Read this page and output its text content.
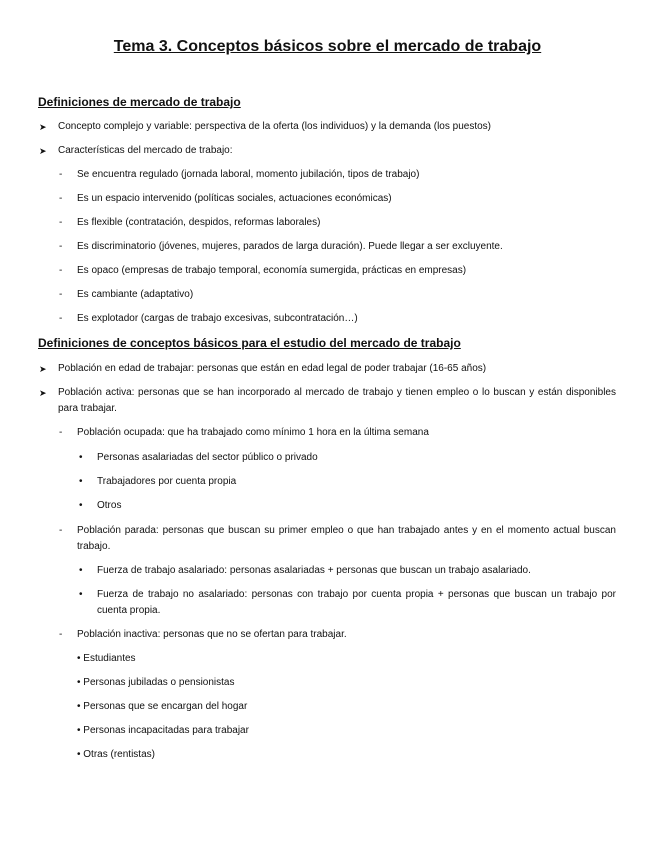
Tema 3. Conceptos básicos sobre el mercado de trabajo
Definiciones de mercado de trabajo
➤ Concepto complejo y variable: perspectiva de la oferta (los individuos) y la demanda (los puestos)
➤ Características del mercado de trabajo:
- Se encuentra regulado (jornada laboral, momento jubilación, tipos de trabajo)
- Es un espacio intervenido (políticas sociales, actuaciones económicas)
- Es flexible (contratación, despidos, reformas laborales)
- Es discriminatorio (jóvenes, mujeres, parados de larga duración). Puede llegar a ser excluyente.
- Es opaco (empresas de trabajo temporal, economía sumergida, prácticas en empresas)
- Es cambiante (adaptativo)
- Es explotador (cargas de trabajo excesivas, subcontratación…)
Definiciones de conceptos básicos para el estudio del mercado de trabajo
➤ Población en edad de trabajar: personas que están en edad legal de poder trabajar (16-65 años)
➤ Población activa: personas que se han incorporado al mercado de trabajo y tienen empleo o lo buscan y están disponibles para trabajar.
- Población ocupada: que ha trabajado como mínimo 1 hora en la última semana
• Personas asalariadas del sector público o privado
• Trabajadores por cuenta propia
• Otros
- Población parada: personas que buscan su primer empleo o que han trabajado antes y en el momento actual buscan trabajo.
• Fuerza de trabajo asalariado: personas asalariadas + personas que buscan un trabajo asalariado.
• Fuerza de trabajo no asalariado: personas con trabajo por cuenta propia + personas que buscan un trabajo por cuenta propia.
- Población inactiva: personas que no se ofertan para trabajar.
• Estudiantes
• Personas jubiladas o pensionistas
• Personas que se encargan del hogar
• Personas incapacitadas para trabajar
• Otras (rentistas)
